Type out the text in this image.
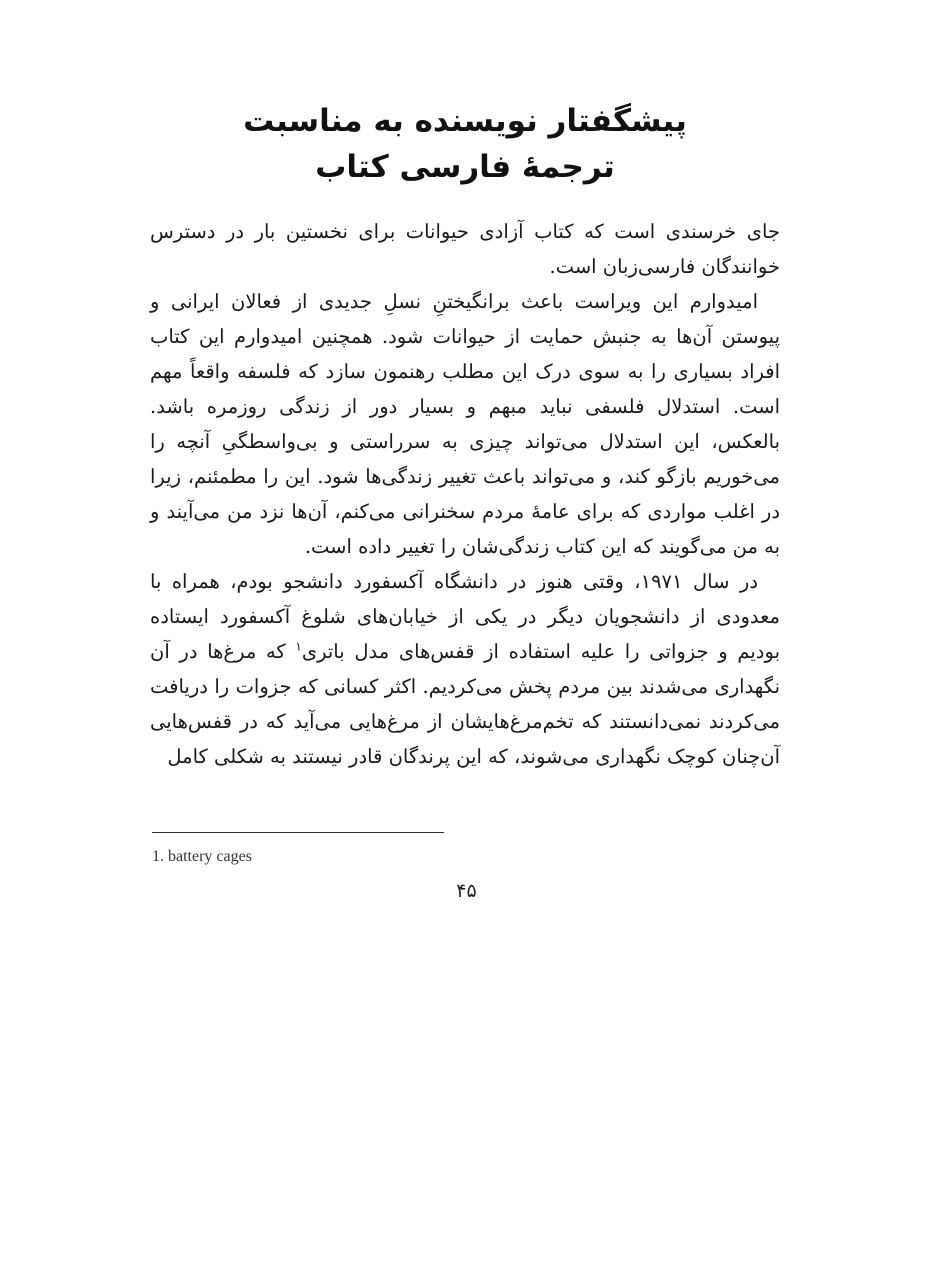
پیشگفتار نویسنده به مناسبت
ترجمهٔ فارسی کتاب

جای خرسندی است که کتاب آزادی حیوانات برای نخستین بار در دسترس خوانندگان فارسی‌زبان است.

امیدوارم این ویراست باعث برانگیختنِ نسلِ جدیدی از فعالان ایرانی و پیوستن آن‌ها به جنبش حمایت از حیوانات شود. همچنین امیدوارم این کتاب افراد بسیاری را به سوی درک این مطلب رهنمون سازد که فلسفه واقعاً مهم است. استدلال فلسفی نباید مبهم و بسیار دور از زندگی روزمره باشد. بالعکس، این استدلال می‌تواند چیزی به سرراستی و بی‌واسطگیِ آنچه را می‌خوریم بازگو کند، و می‌تواند باعث تغییر زندگی‌ها شود. این را مطمئنم، زیرا در اغلب مواردی که برای عامهٔ مردم سخنرانی می‌کنم، آن‌ها نزد من می‌آیند و به من می‌گویند که این کتاب زندگی‌شان را تغییر داده است.

در سال ۱۹۷۱، وقتی هنوز در دانشگاه آکسفورد دانشجو بودم، همراه با معدودی از دانشجویان دیگر در یکی از خیابان‌های شلوغ آکسفورد ایستاده بودیم و جزواتی را علیه استفاده از قفس‌های مدل باتری$^۱$ که مرغ‌ها در آن نگهداری می‌شدند بین مردم پخش می‌کردیم. اکثر کسانی که جزوات را دریافت می‌کردند نمی‌دانستند که تخم‌مرغ‌هایشان از مرغ‌هایی می‌آید که در قفس‌هایی آن‌چنان کوچک نگهداری می‌شوند، که این پرندگان قادر نیستند به شکلی کامل

1. battery cages
۴۵
